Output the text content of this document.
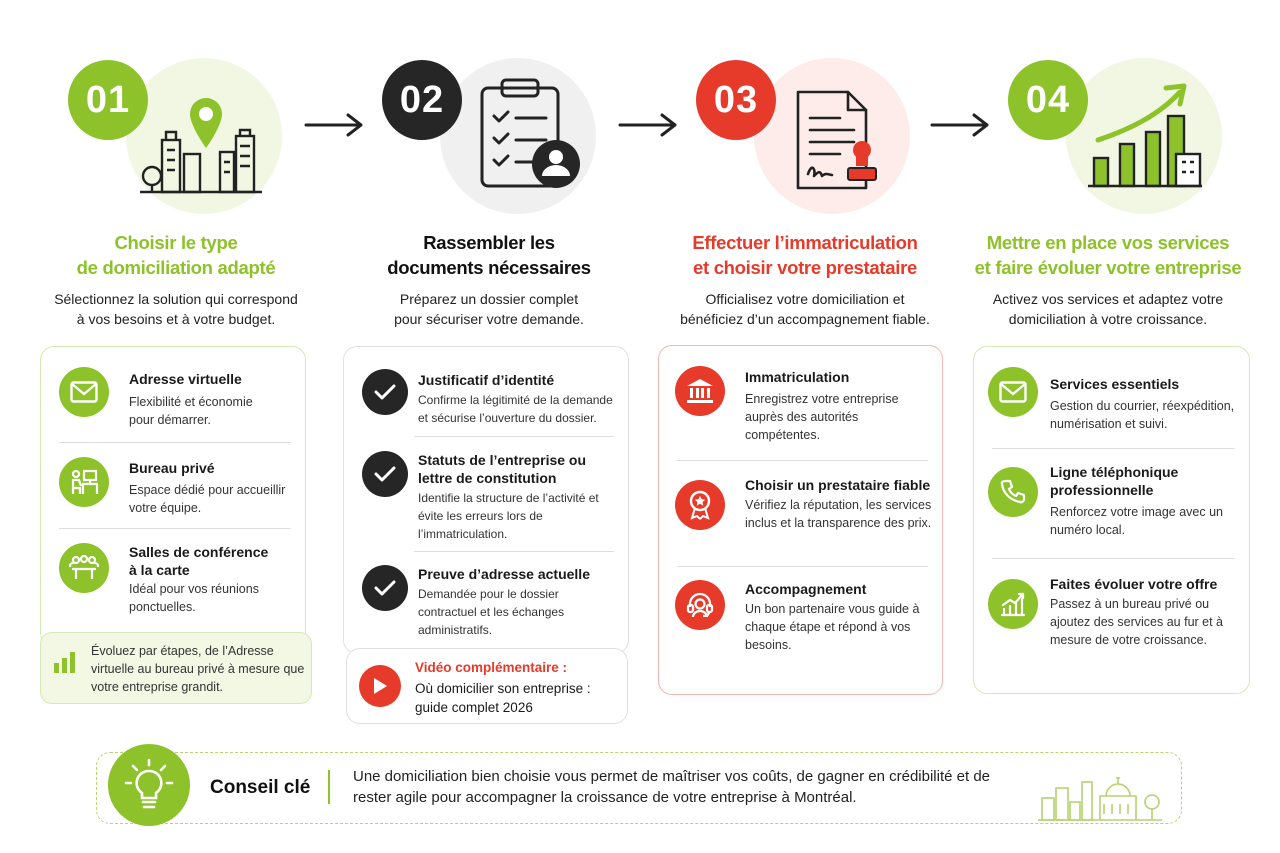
01
Choisir le type
de domiciliation adapté
Sélectionnez la solution qui correspond à vos besoins et à votre budget.
Adresse virtuelle
Flexibilité et économie pour démarrer.
Bureau privé
Espace dédié pour accueillir votre équipe.
Salles de conférence à la carte
Idéal pour vos réunions ponctuelles.
Évoluez par étapes, de l’Adresse virtuelle au bureau privé à mesure que votre entreprise grandit.
02
Rassembler les
documents nécessaires
Préparez un dossier complet pour sécuriser votre demande.
Justificatif d’identité
Confirme la légitimité de la demande et sécurise l’ouverture du dossier.
Statuts de l’entreprise ou lettre de constitution
Identifie la structure de l’activité et évite les erreurs lors de l’immatriculation.
Preuve d’adresse actuelle
Demandée pour le dossier contractuel et les échanges administratifs.
Vidéo complémentaire :
Où domicilier son entreprise : guide complet 2026
03
Effectuer l’immatriculation
et choisir votre prestataire
Officialisez votre domiciliation et bénéficiez d’un accompagnement fiable.
Immatriculation
Enregistrez votre entreprise auprès des autorités compétentes.
Choisir un prestataire fiable
Vérifiez la réputation, les services inclus et la transparence des prix.
Accompagnement
Un bon partenaire vous guide à chaque étape et répond à vos besoins.
04
Mettre en place vos services
et faire évoluer votre entreprise
Activez vos services et adaptez votre domiciliation à votre croissance.
Services essentiels
Gestion du courrier, réexpédition, numérisation et suivi.
Ligne téléphonique professionnelle
Renforcez votre image avec un numéro local.
Faites évoluer votre offre
Passez à un bureau privé ou ajoutez des services au fur et à mesure de votre croissance.
Conseil clé
Une domiciliation bien choisie vous permet de maîtriser vos coûts, de gagner en crédibilité et de rester agile pour accompagner la croissance de votre entreprise à Montréal.
